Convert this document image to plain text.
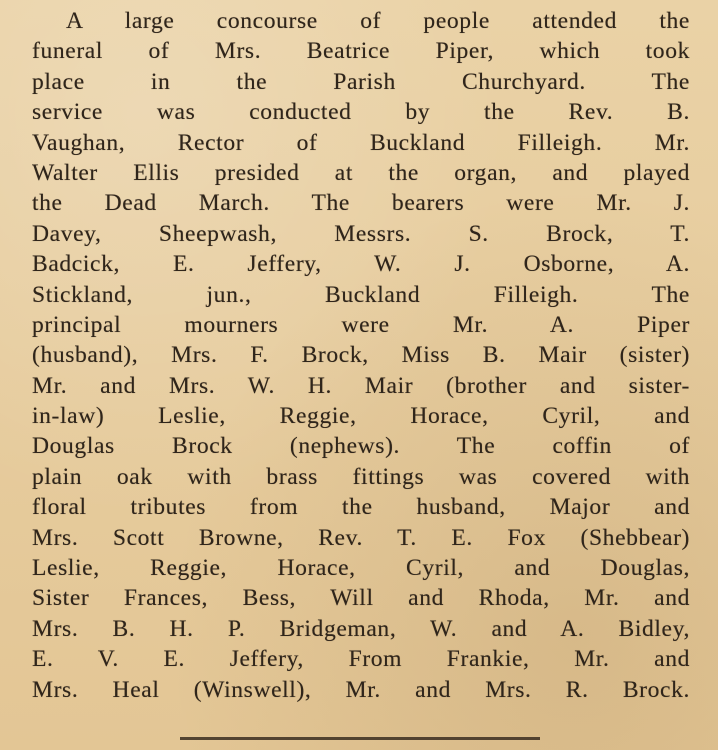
A large concourse of people attended the
funeral of Mrs. Beatrice Piper, which took
place in the Parish Churchyard. The
service was conducted by the Rev. B.
Vaughan, Rector of Buckland Filleigh. Mr.
Walter Ellis presided at the organ, and played
the Dead March. The bearers were Mr. J.
Davey, Sheepwash, Messrs. S. Brock, T.
Badcick, E. Jeffery, W. J. Osborne, A.
Stickland, jun., Buckland Filleigh. The
principal mourners were Mr. A. Piper
(husband), Mrs. F. Brock, Miss B. Mair (sister)
Mr. and Mrs. W. H. Mair (brother and sister-
in-law) Leslie, Reggie, Horace, Cyril, and
Douglas Brock (nephews). The coffin of
plain oak with brass fittings was covered with
floral tributes from the husband, Major and
Mrs. Scott Browne, Rev. T. E. Fox (Shebbear)
Leslie, Reggie, Horace, Cyril, and Douglas,
Sister Frances, Bess, Will and Rhoda, Mr. and
Mrs. B. H. P. Bridgeman, W. and A. Bidley,
E. V. E. Jeffery, From Frankie, Mr. and
Mrs. Heal (Winswell), Mr. and Mrs. R. Brock.
